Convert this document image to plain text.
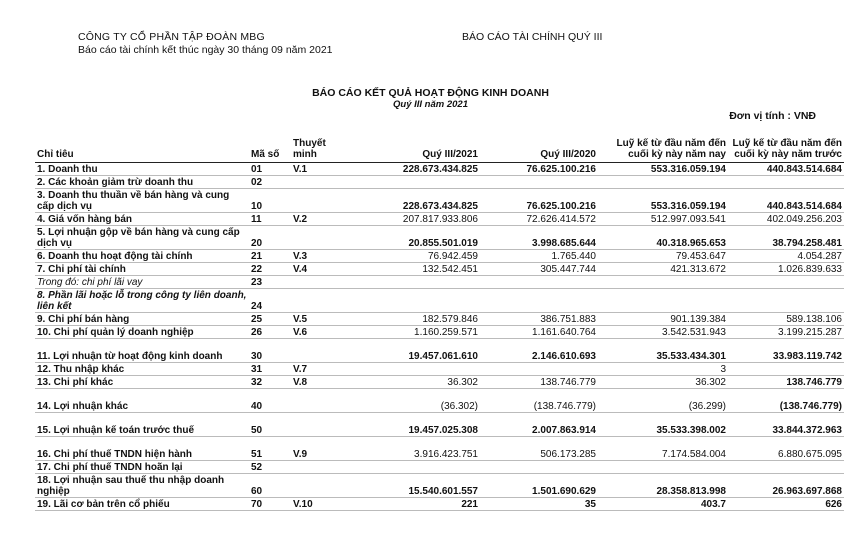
CÔNG TY CỔ PHẦN TẬP ĐOÀN MBG
Báo cáo tài chính kết thúc ngày 30 tháng 09 năm 2021
BÁO CÁO TÀI CHÍNH QUÝ III
BÁO CÁO KẾT QUẢ HOẠT ĐỘNG KINH DOANH
Quý III năm 2021
Đơn vị tính : VNĐ
Chỉ tiêu	Mã số	Thuyết minh	Quý III/2021	Quý III/2020	Luỹ kế từ đầu năm đến cuối kỳ này năm nay	Luỹ kế từ đầu năm đến cuối kỳ này năm trước
1. Doanh thu	01	V.1	228.673.434.825	76.625.100.216	553.316.059.194	440.843.514.684
2. Các khoản giảm trừ doanh thu	02					
3. Doanh thu thuần về bán hàng và cung cấp dịch vụ	10		228.673.434.825	76.625.100.216	553.316.059.194	440.843.514.684
4. Giá vốn hàng bán	11	V.2	207.817.933.806	72.626.414.572	512.997.093.541	402.049.256.203
5. Lợi nhuận gộp về bán hàng và cung cấp dịch vụ	20		20.855.501.019	3.998.685.644	40.318.965.653	38.794.258.481
6. Doanh thu hoạt động tài chính	21	V.3	76.942.459	1.765.440	79.453.647	4.054.287
7. Chi phí tài chính	22	V.4	132.542.451	305.447.744	421.313.672	1.026.839.633
Trong đó: chi phí lãi vay	23					
8. Phần lãi hoặc lỗ trong công ty liên doanh, liên kết	24					
9. Chi phí bán hàng	25	V.5	182.579.846	386.751.883	901.139.384	589.138.106
10. Chi phí quản lý doanh nghiệp	26	V.6	1.160.259.571	1.161.640.764	3.542.531.943	3.199.215.287
11. Lợi nhuận từ hoạt động kinh doanh	30		19.457.061.610	2.146.610.693	35.533.434.301	33.983.119.742
12. Thu nhập khác	31	V.7			3	
13. Chi phí khác	32	V.8	36.302	138.746.779	36.302	138.746.779
14. Lợi nhuận khác	40		(36.302)	(138.746.779)	(36.299)	(138.746.779)
15. Lợi nhuận kế toán trước thuế	50		19.457.025.308	2.007.863.914	35.533.398.002	33.844.372.963
16. Chi phí thuế TNDN hiện hành	51	V.9	3.916.423.751	506.173.285	7.174.584.004	6.880.675.095
17. Chi phí thuế TNDN hoãn lại	52					
18. Lợi nhuận sau thuế thu nhập doanh nghiệp	60		15.540.601.557	1.501.690.629	28.358.813.998	26.963.697.868
19. Lãi cơ bản trên cổ phiếu	70	V.10	221	35	403.7	626
